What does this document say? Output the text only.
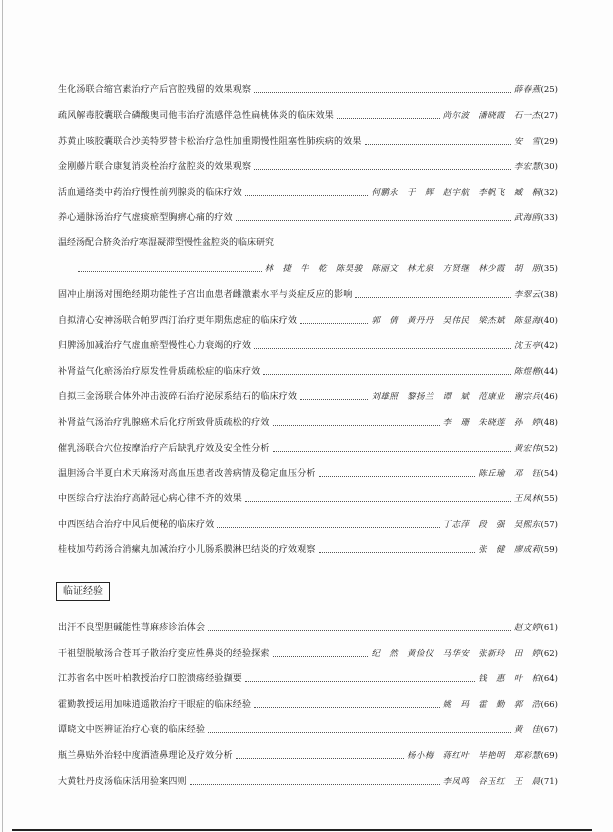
生化汤联合缩宫素治疗产后宫腔残留的效果观察	薛春燕(25)
疏风解毒胶囊联合磷酸奥司他韦治疗流感伴急性扁桃体炎的临床效果	尚尔波　潘晓霞　石一杰(27)
苏黄止咳胶囊联合沙美特罗替卡松治疗急性加重期慢性阻塞性肺疾病的效果	安　雪(29)
金刚藤片联合康复消炎栓治疗盆腔炎的效果观察	李宏慧(30)
活血通络类中药治疗慢性前列腺炎的临床疗效	何鹏永　于　辉　赵宇航　李帆飞　臧　桐(32)
养心通脉汤治疗气虚痰瘀型胸痹心痛的疗效	武海鸥(33)
温经汤配合脐灸治疗寒湿凝滞型慢性盆腔炎的临床研究
林　捷　牛　乾　陈昊骏　陈丽文　林尤泉　方贤继　林少霞　胡　朋(35)
固冲止崩汤对围绝经期功能性子宫出血患者雌激素水平与炎症反应的影响	李翠云(38)
自拟清心安神汤联合帕罗西汀治疗更年期焦虑症的临床疗效	郭　倩　黄丹丹　吴伟民　梁杰斌　陈显海(40)
归脾汤加减治疗气虚血瘀型慢性心力衰竭的疗效	沈玉亭(42)
补肾益气化瘀汤治疗原发性骨质疏松症的临床疗效	陈煜楷(44)
自拟三金汤联合体外冲击波碎石治疗泌尿系结石的临床疗效	刘雄照　黎扬兰　谭　斌　范康业　谢宗兵(46)
补肾益气汤治疗乳腺癌术后化疗所致骨质疏松的疗效	李　珊　朱晓莲　孙　婷(48)
催乳汤联合穴位按摩治疗产后缺乳疗效及安全性分析	黄宏伟(52)
温胆汤合半夏白术天麻汤对高血压患者改善病情及稳定血压分析	陈丘瑜　邓　钰(54)
中医综合疗法治疗高龄冠心病心律不齐的效果	王凤林(55)
中西医结合治疗中风后便秘的临床疗效	丁志萍　段　强　吴熙东(57)
桂枝加芍药汤合消瘰丸加减治疗小儿肠系膜淋巴结炎的疗效观察	张　健　廖成莉(59)
临证经验
出汗不良型胆碱能性荨麻疹诊治体会	赵文婷(61)
干祖望脱敏汤合苍耳子散治疗变应性鼻炎的经验探索	纪　然　黄俭仪　马华安　张新玲　田　婷(62)
江苏省名中医叶柏教授治疗口腔溃疡经验撷要	钱　惠　叶　柏(64)
霍勤教授运用加味逍遥散治疗干眼症的临床经验	姚　玛　霍　勤　郭　浩(66)
谭晓文中医辨证治疗心衰的临床经验	黄　佳(67)
瓶兰鼻贴外治轻中度酒渣鼻理论及疗效分析	杨小梅　蒋红叶　毕艳明　郑彩慧(69)
大黄牡丹皮汤临床活用验案四则	李凤鸣　谷玉红　王　晨(71)
